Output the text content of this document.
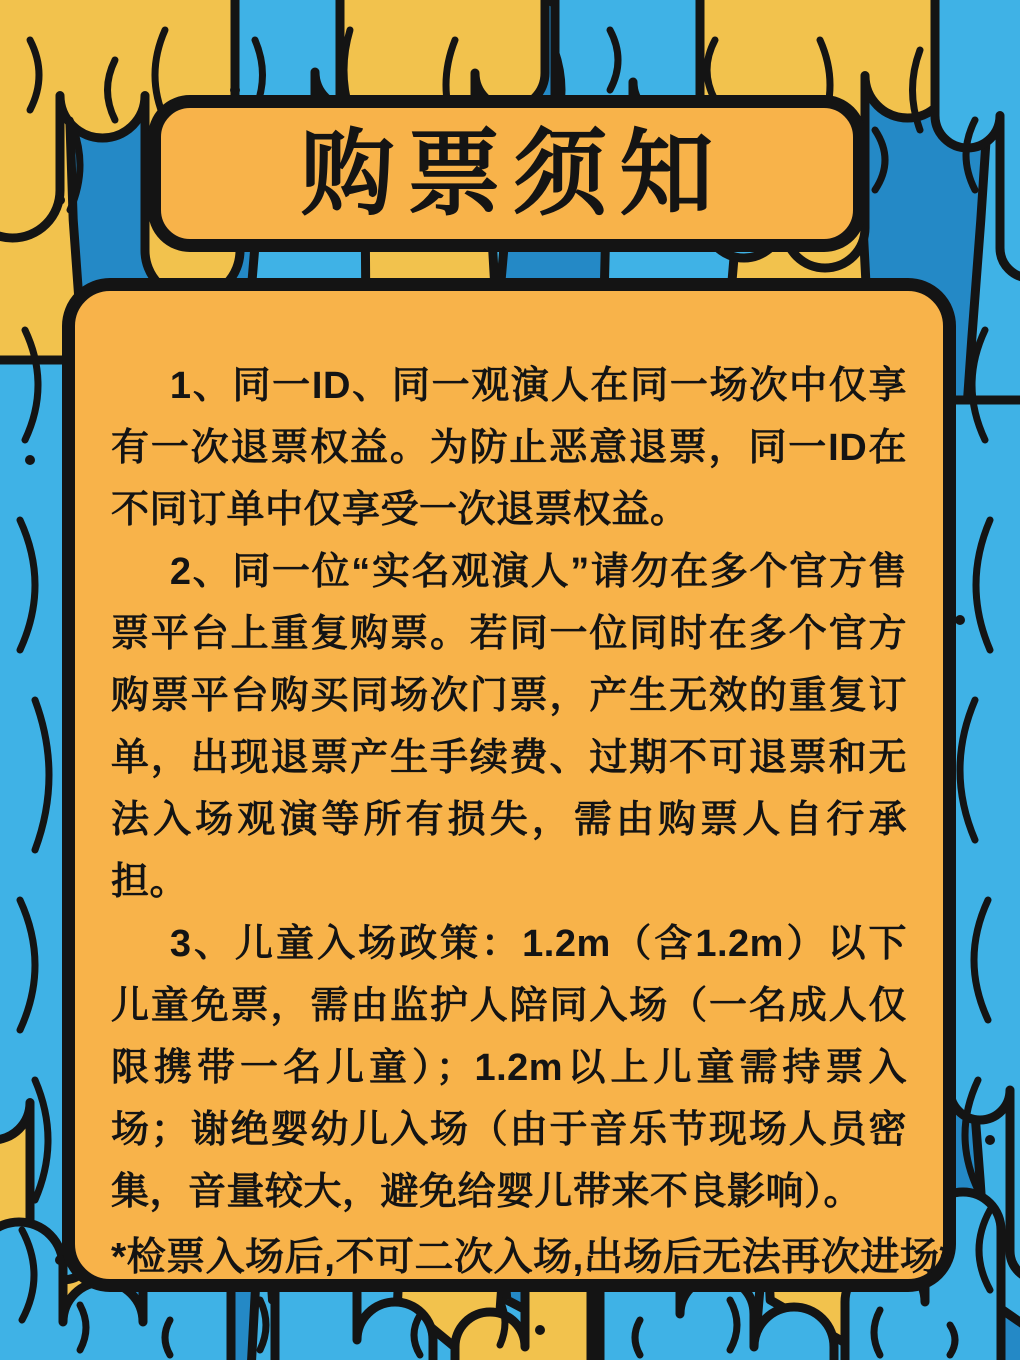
购票须知

1、同一ID、同一观演人在同一场次中仅享有一次退票权益。为防止恶意退票，同一ID在不同订单中仅享受一次退票权益。

2、同一位“实名观演人”请勿在多个官方售票平台上重复购票。若同一位同时在多个官方购票平台购买同场次门票，产生无效的重复订单，出现退票产生手续费、过期不可退票和无法入场观演等所有损失，需由购票人自行承担。

3、儿童入场政策：1.2m（含1.2m）以下儿童免票，需由监护人陪同入场（一名成人仅限携带一名儿童）；1.2m以上儿童需持票入场；谢绝婴幼儿入场（由于音乐节现场人员密集，音量较大，避免给婴儿带来不良影响）。

*检票入场后,不可二次入场,出场后无法再次进场*
